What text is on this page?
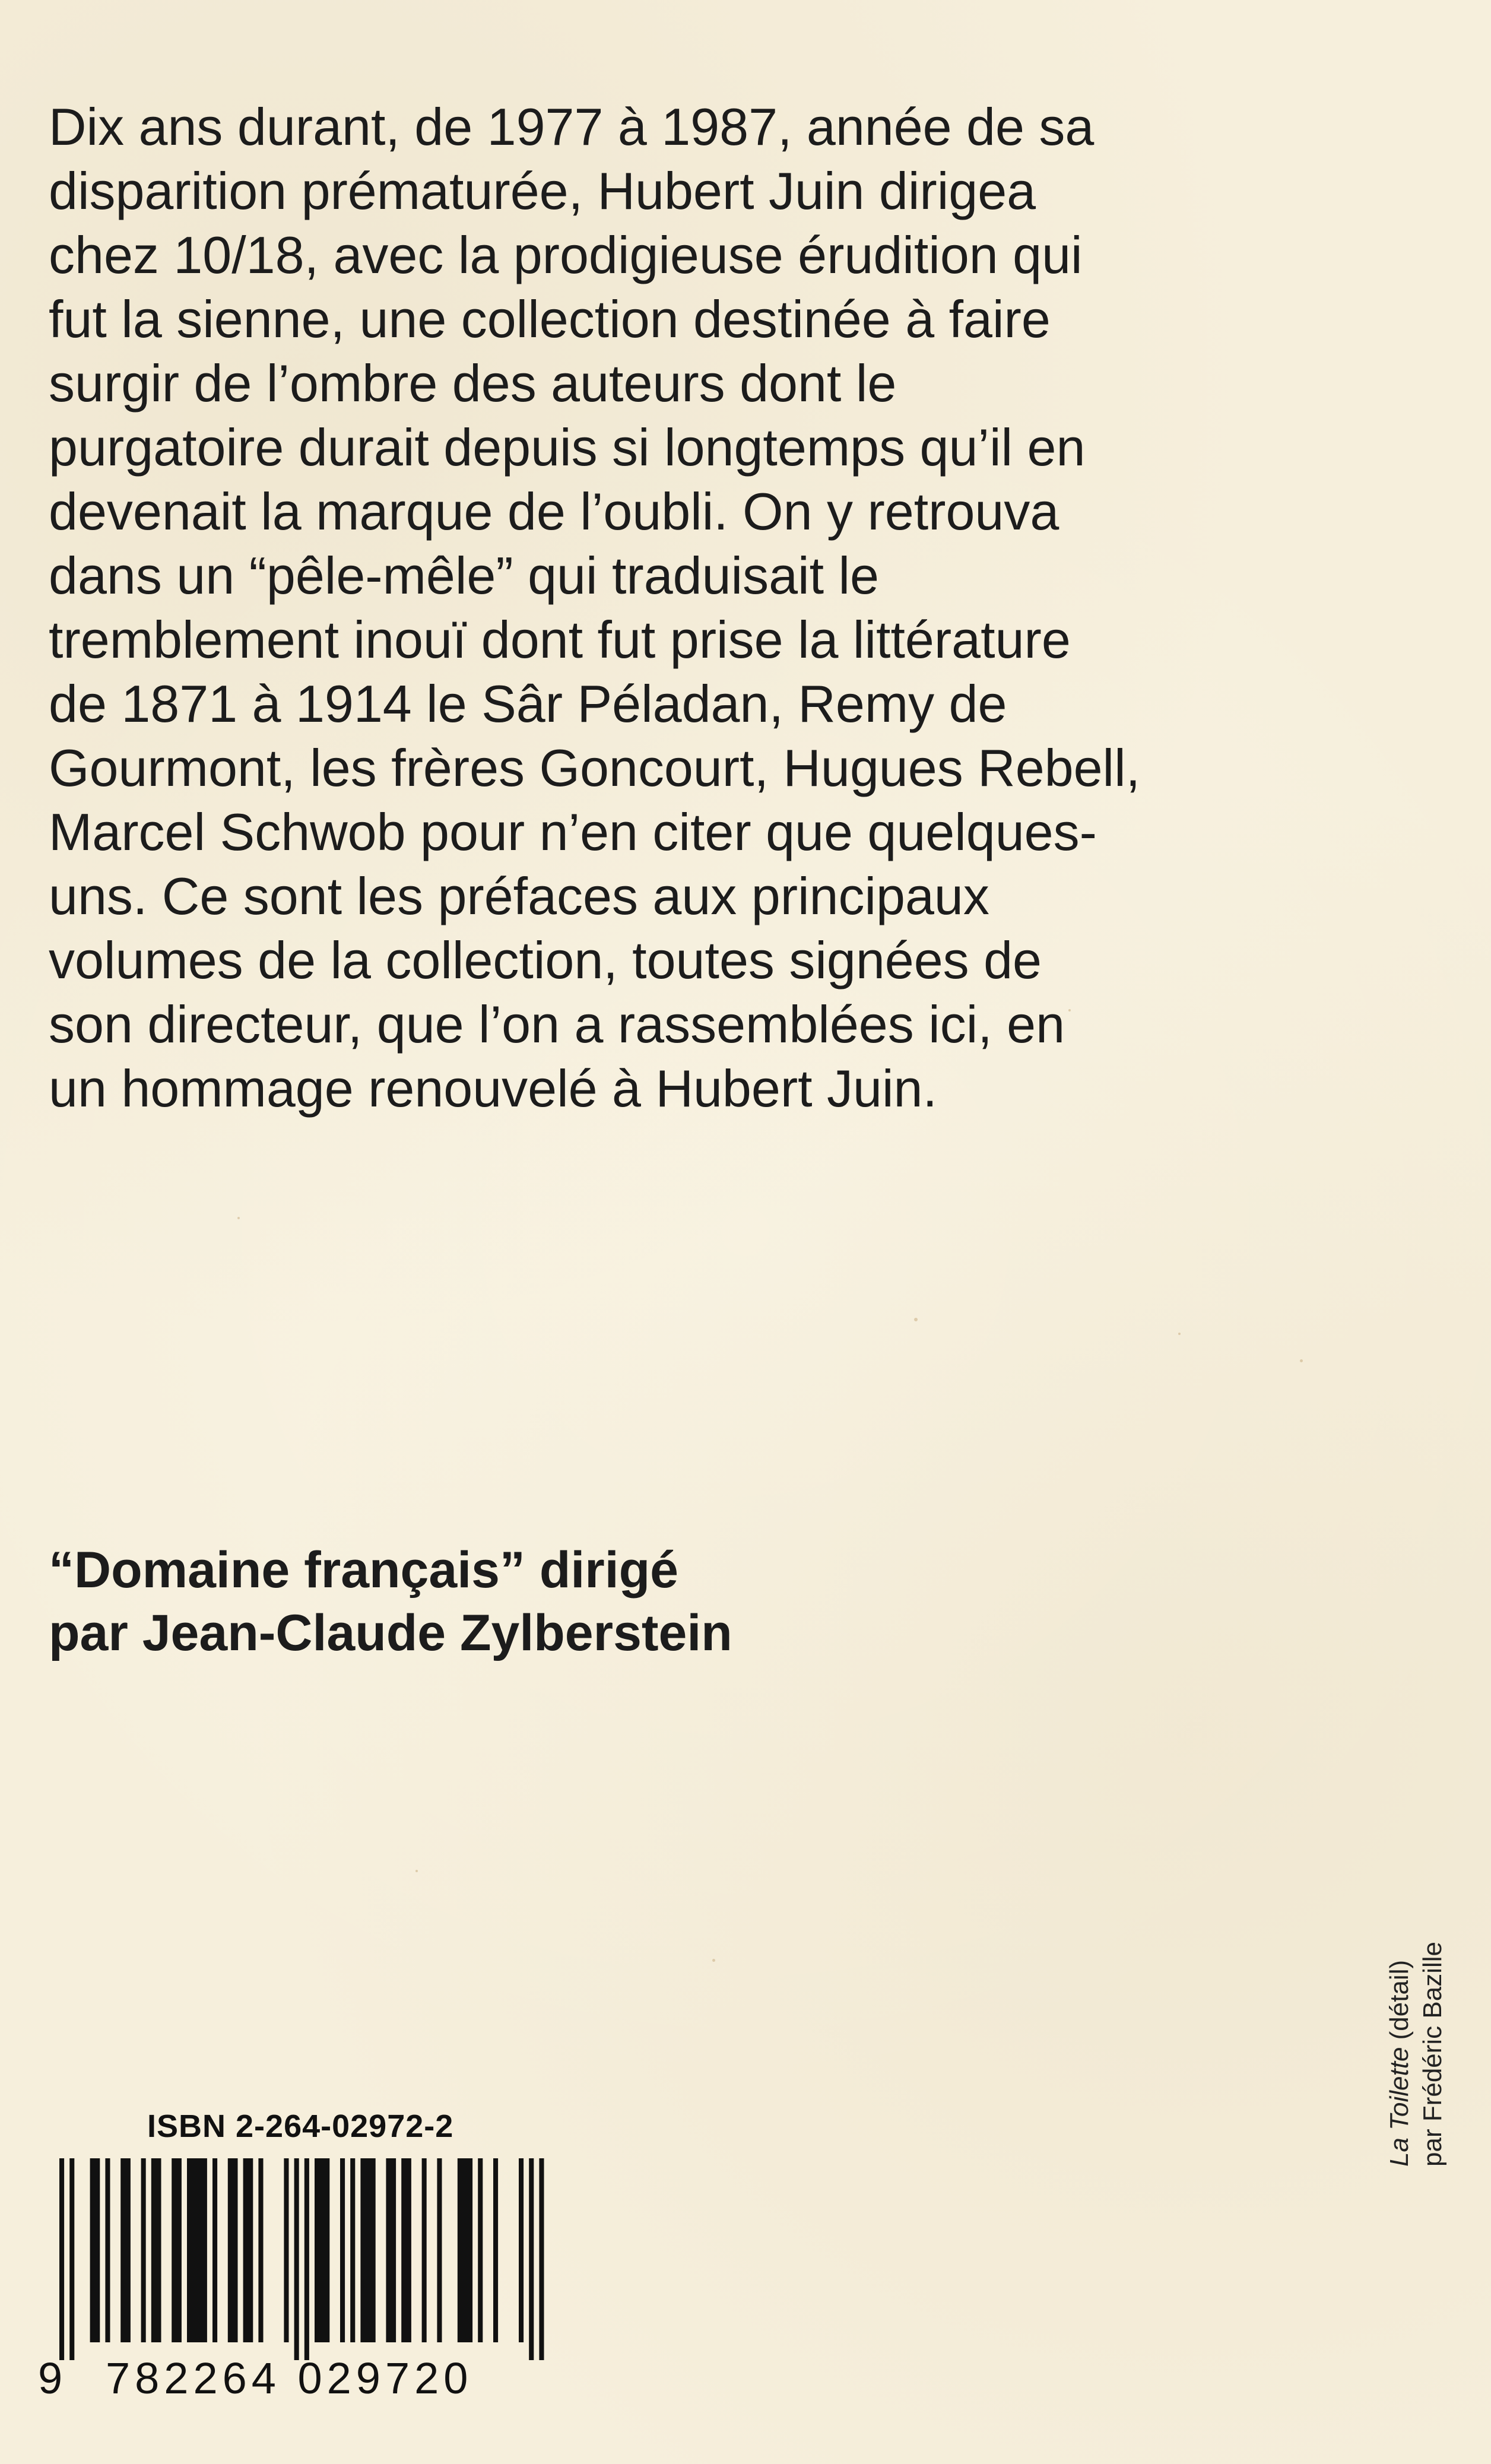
Dix ans durant, de 1977 à 1987, année de sa
disparition prématurée, Hubert Juin dirigea
chez 10/18, avec la prodigieuse érudition qui
fut la sienne, une collection destinée à faire
surgir de l’ombre des auteurs dont le
purgatoire durait depuis si longtemps qu’il en
devenait la marque de l’oubli. On y retrouva
dans un “pêle-mêle” qui traduisait le
tremblement inouï dont fut prise la littérature
de 1871 à 1914 le Sâr Péladan, Remy de
Gourmont, les frères Goncourt, Hugues Rebell,
Marcel Schwob pour n’en citer que quelques-
uns. Ce sont les préfaces aux principaux
volumes de la collection, toutes signées de
son directeur, que l’on a rassemblées ici, en
un hommage renouvelé à Hubert Juin.
“Domaine français” dirigé
par Jean-Claude Zylberstein
ISBN 2-264-02972-2
9 782264 029720
La Toilette (détail) par Frédéric Bazille
